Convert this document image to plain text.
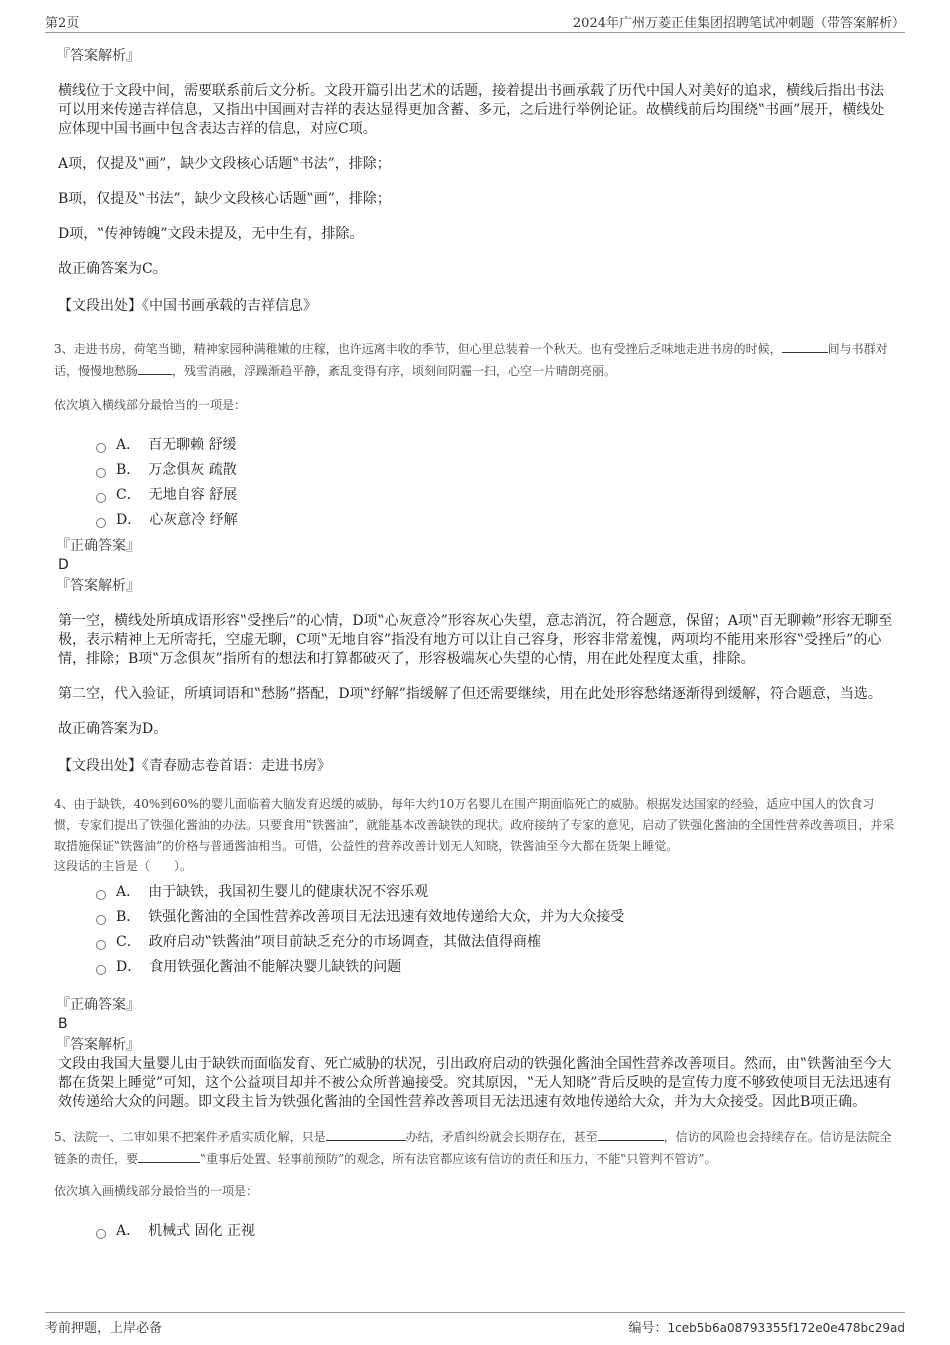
第2页	2024年广州万菱正佳集团招聘笔试冲刺题（带答案解析）
『答案解析』
横线位于文段中间，需要联系前后文分析。文段开篇引出艺术的话题，接着提出书画承载了历代中国人对美好的追求，横线后指出书法可以用来传递吉祥信息，又指出中国画对吉祥的表达显得更加含蓄、多元，之后进行举例论证。故横线前后均围绕‟书画”展开，横线处应体现中国书画中包含表达吉祥的信息，对应C项。
A项，仅提及‟画”，缺少文段核心话题‟书法”，排除；
B项，仅提及‟书法”，缺少文段核心话题‟画”，排除；
D项，‟传神铸魄”文段未提及，无中生有，排除。
故正确答案为C。
【文段出处】《中国书画承载的吉祥信息》
3、走进书房，荷笔当锄，精神家园种满稚嫩的庄稼，也许远离丰收的季节，但心里总装着一个秋天。也有受挫后乏味地走进书房的时候，	间与书群对话，慢慢地愁肠	，残雪消融，浮躁渐趋平静，紊乱变得有序，顷刻间阴霾一扫，心空一片晴朗亮丽。
依次填入横线部分最恰当的一项是：
A． 百无聊赖 舒缓
B． 万念俱灰 疏散
C． 无地自容 舒展
D． 心灰意冷 纾解
『正确答案』
D
『答案解析』
第一空，横线处所填成语形容‟受挫后”的心情，D项‟心灰意冷”形容灰心失望，意志消沉，符合题意，保留；A项‟百无聊赖”形容无聊至极，表示精神上无所寄托，空虚无聊，C项‟无地自容”指没有地方可以让自己容身，形容非常羞愧，两项均不能用来形容‟受挫后”的心情，排除；B项‟万念俱灰”指所有的想法和打算都破灭了，形容极端灰心失望的心情，用在此处程度太重，排除。
第二空，代入验证，所填词语和‟愁肠”搭配，D项‟纾解”指缓解了但还需要继续，用在此处形容愁绪逐渐得到缓解，符合题意，当选。
故正确答案为D。
【文段出处】《青春励志卷首语：走进书房》
4、由于缺铁，40%到60%的婴儿面临着大脑发育迟缓的威胁，每年大约10万名婴儿在围产期面临死亡的威胁。根据发达国家的经验，适应中国人的饮食习惯，专家们提出了铁强化酱油的办法。只要食用‟铁酱油”，就能基本改善缺铁的现状。政府接纳了专家的意见，启动了铁强化酱油的全国性营养改善项目，并采取措施保证‟铁酱油”的价格与普通酱油相当。可惜，公益性的营养改善计划无人知晓，铁酱油至今大都在货架上睡觉。
这段话的主旨是（　　）。
A． 由于缺铁，我国初生婴儿的健康状况不容乐观
B． 铁强化酱油的全国性营养改善项目无法迅速有效地传递给大众，并为大众接受
C． 政府启动‟铁酱油”项目前缺乏充分的市场调查，其做法值得商榷
D． 食用铁强化酱油不能解决婴儿缺铁的问题
『正确答案』
B
『答案解析』
文段由我国大量婴儿由于缺铁而面临发育、死亡威胁的状况，引出政府启动的铁强化酱油全国性营养改善项目。然而，由‟铁酱油至今大都在货架上睡觉”可知，这个公益项目却并不被公众所普遍接受。究其原因，‟无人知晓”背后反映的是宣传力度不够致使项目无法迅速有效传递给大众的问题。即文段主旨为铁强化酱油的全国性营养改善项目无法迅速有效地传递给大众，并为大众接受。因此B项正确。
5、法院一、二审如果不把案件矛盾实质化解，只是	办结，矛盾纠纷就会长期存在，甚至	，信访的风险也会持续存在。信访是法院全链条的责任，要	‟重事后处置、轻事前预防”的观念，所有法官都应该有信访的责任和压力，不能‟只管判不管访”。
依次填入画横线部分最恰当的一项是：
A． 机械式 固化 正视
考前押题，上岸必备	编号：1ceb5b6a08793355f172e0e478bc29ad
